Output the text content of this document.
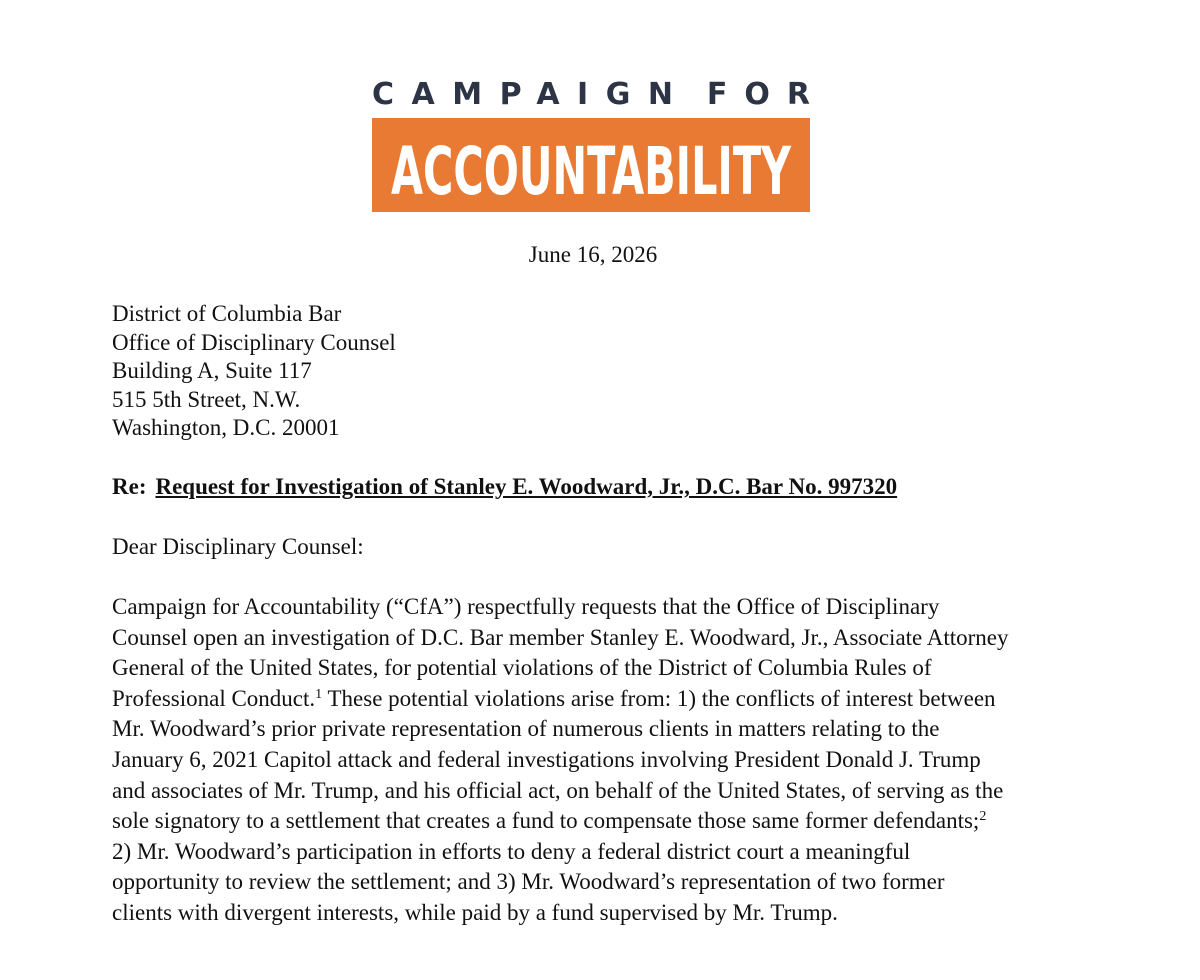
CAMPAIGN FOR
ACCOUNTABILITY
June 16, 2026
District of Columbia Bar
Office of Disciplinary Counsel
Building A, Suite 117
515 5th Street, N.W.
Washington, D.C. 20001
Re: Request for Investigation of Stanley E. Woodward, Jr., D.C. Bar No. 997320
Dear Disciplinary Counsel:
Campaign for Accountability (“CfA”) respectfully requests that the Office of Disciplinary
Counsel open an investigation of D.C. Bar member Stanley E. Woodward, Jr., Associate Attorney
General of the United States, for potential violations of the District of Columbia Rules of
Professional Conduct.$^1$ These potential violations arise from: 1) the conflicts of interest between
Mr. Woodward’s prior private representation of numerous clients in matters relating to the
January 6, 2021 Capitol attack and federal investigations involving President Donald J. Trump
and associates of Mr. Trump, and his official act, on behalf of the United States, of serving as the
sole signatory to a settlement that creates a fund to compensate those same former defendants;$^2$
2) Mr. Woodward’s participation in efforts to deny a federal district court a meaningful
opportunity to review the settlement; and 3) Mr. Woodward’s representation of two former
clients with divergent interests, while paid by a fund supervised by Mr. Trump.
